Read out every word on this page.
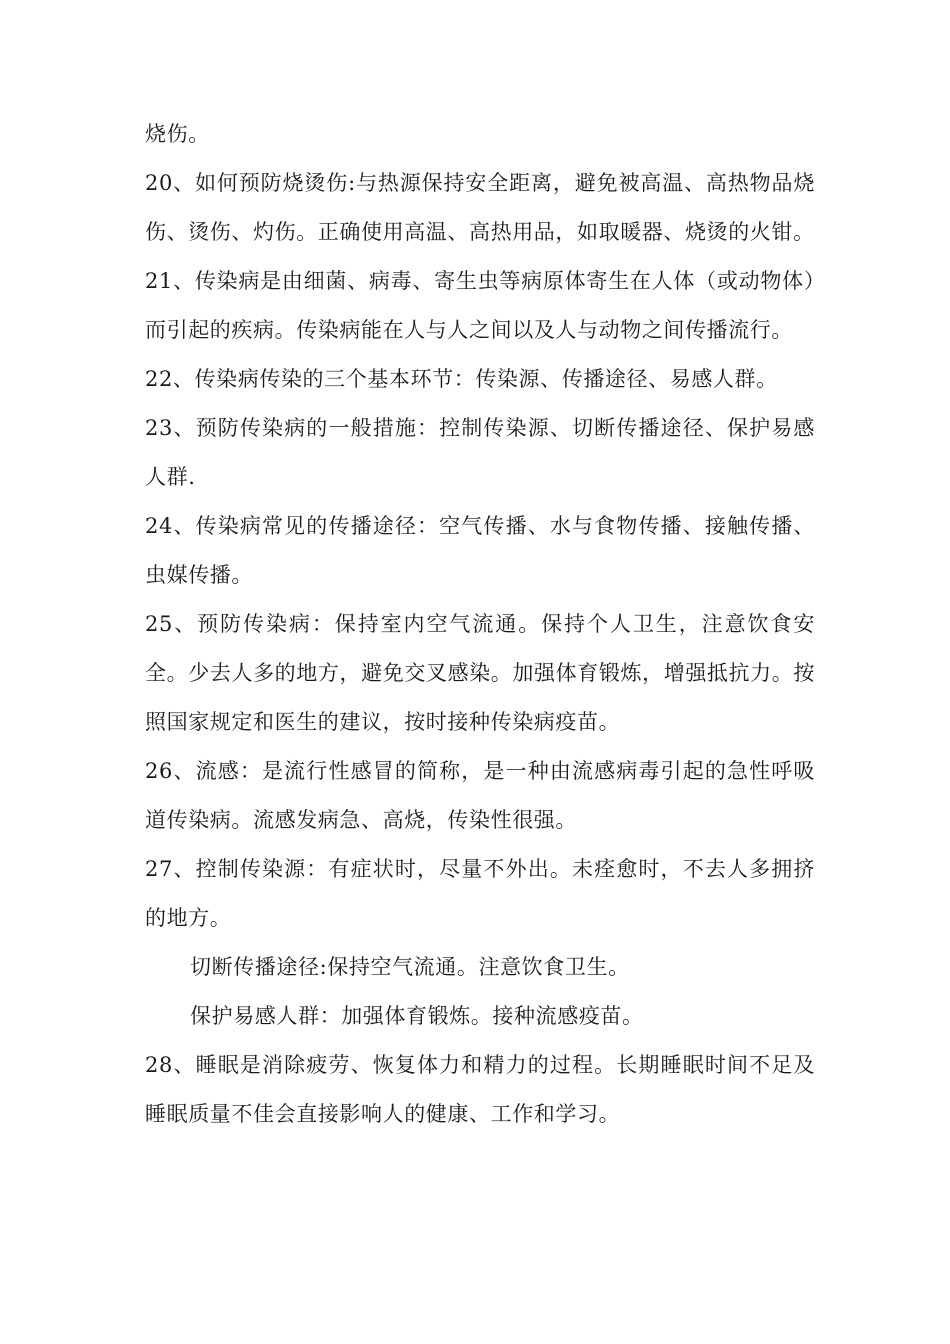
烧伤。

20、如何预防烧烫伤:与热源保持安全距离，避免被高温、高热物品烧伤、烫伤、灼伤。正确使用高温、高热用品，如取暖器、烧烫的火钳。

21、传染病是由细菌、病毒、寄生虫等病原体寄生在人体（或动物体）而引起的疾病。传染病能在人与人之间以及人与动物之间传播流行。

22、传染病传染的三个基本环节：传染源、传播途径、易感人群。

23、预防传染病的一般措施：控制传染源、切断传播途径、保护易感人群.

24、传染病常见的传播途径：空气传播、水与食物传播、接触传播、虫媒传播。

25、预防传染病：保持室内空气流通。保持个人卫生，注意饮食安全。少去人多的地方，避免交叉感染。加强体育锻炼，增强抵抗力。按照国家规定和医生的建议，按时接种传染病疫苗。

26、流感：是流行性感冒的简称，是一种由流感病毒引起的急性呼吸道传染病。流感发病急、高烧，传染性很强。

27、控制传染源：有症状时，尽量不外出。未痊愈时，不去人多拥挤的地方。

切断传播途径:保持空气流通。注意饮食卫生。

保护易感人群：加强体育锻炼。接种流感疫苗。

28、睡眠是消除疲劳、恢复体力和精力的过程。长期睡眠时间不足及睡眠质量不佳会直接影响人的健康、工作和学习。
